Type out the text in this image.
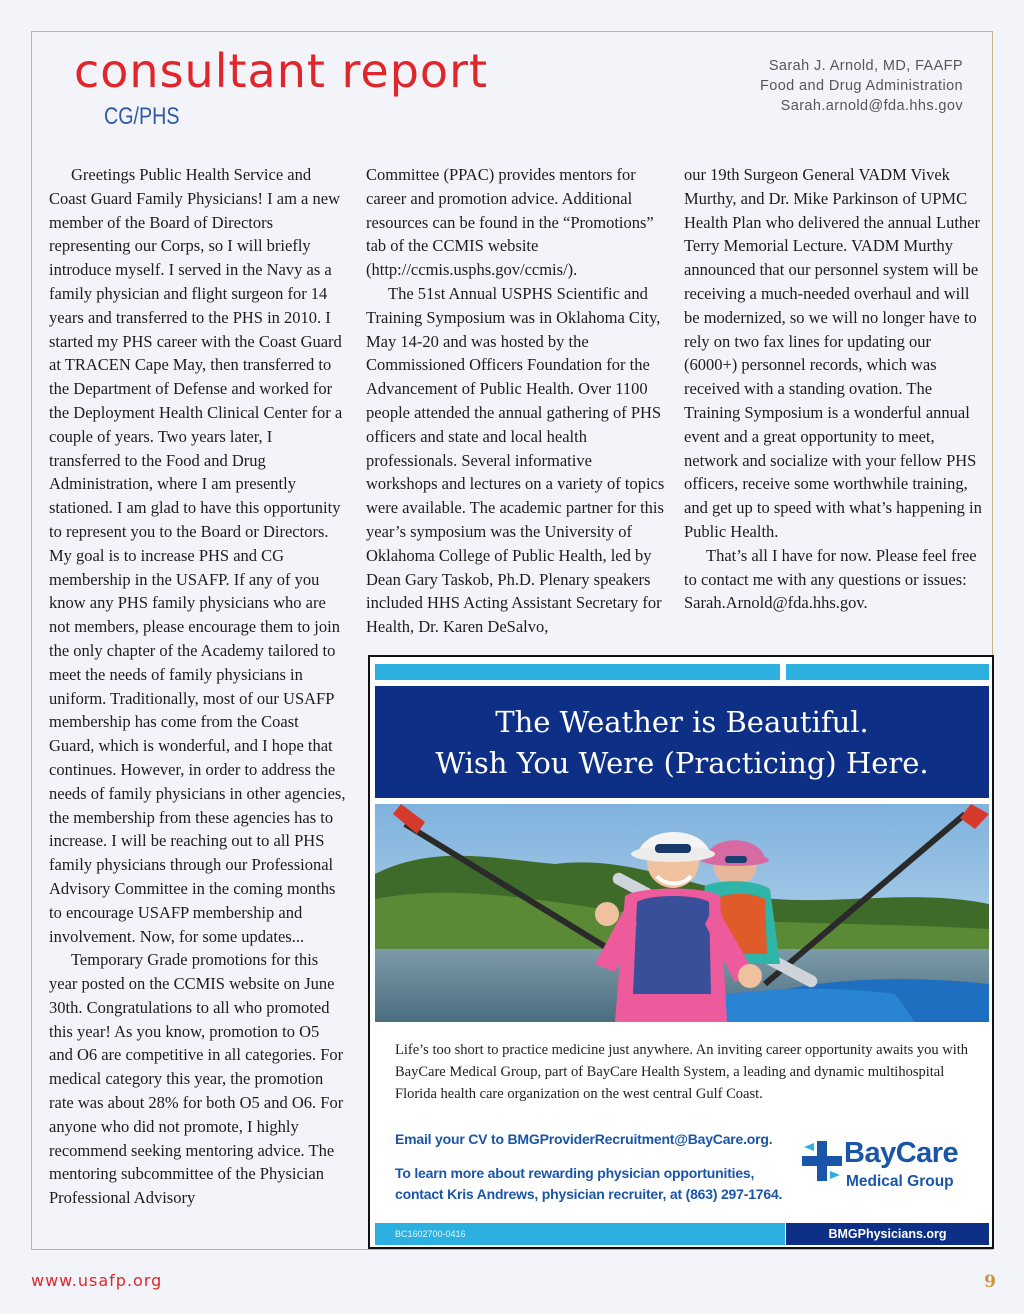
consultant report
CG/PHS
Sarah J. Arnold, MD, FAAFP
Food and Drug Administration
Sarah.arnold@fda.hhs.gov

Greetings Public Health Service and Coast Guard Family Physicians! I am a new member of the Board of Directors representing our Corps, so I will briefly introduce myself. I served in the Navy as a family physician and flight surgeon for 14 years and transferred to the PHS in 2010. I started my PHS career with the Coast Guard at TRACEN Cape May, then transferred to the Department of Defense and worked for the Deployment Health Clinical Center for a couple of years. Two years later, I transferred to the Food and Drug Administration, where I am presently stationed. I am glad to have this opportunity to represent you to the Board or Directors. My goal is to increase PHS and CG membership in the USAFP. If any of you know any PHS family physicians who are not members, please encourage them to join the only chapter of the Academy tailored to meet the needs of family physicians in uniform. Traditionally, most of our USAFP membership has come from the Coast Guard, which is wonderful, and I hope that continues. However, in order to address the needs of family physicians in other agencies, the membership from these agencies has to increase. I will be reaching out to all PHS family physicians through our Professional Advisory Committee in the coming months to encourage USAFP membership and involvement. Now, for some updates...

Temporary Grade promotions for this year posted on the CCMIS website on June 30th. Congratulations to all who promoted this year! As you know, promotion to O5 and O6 are competitive in all categories. For medical category this year, the promotion rate was about 28% for both O5 and O6. For anyone who did not promote, I highly recommend seeking mentoring advice. The mentoring subcommittee of the Physician Professional Advisory

Committee (PPAC) provides mentors for career and promotion advice. Additional resources can be found in the “Promotions” tab of the CCMIS website (http://ccmis.usphs.gov/ccmis/).

The 51st Annual USPHS Scientific and Training Symposium was in Oklahoma City, May 14-20 and was hosted by the Commissioned Officers Foundation for the Advancement of Public Health. Over 1100 people attended the annual gathering of PHS officers and state and local health professionals. Several informative workshops and lectures on a variety of topics were available. The academic partner for this year’s symposium was the University of Oklahoma College of Public Health, led by Dean Gary Taskob, Ph.D. Plenary speakers included HHS Acting Assistant Secretary for Health, Dr. Karen DeSalvo,

our 19th Surgeon General VADM Vivek Murthy, and Dr. Mike Parkinson of UPMC Health Plan who delivered the annual Luther Terry Memorial Lecture. VADM Murthy announced that our personnel system will be receiving a much-needed overhaul and will be modernized, so we will no longer have to rely on two fax lines for updating our (6000+) personnel records, which was received with a standing ovation. The Training Symposium is a wonderful annual event and a great opportunity to meet, network and socialize with your fellow PHS officers, receive some worthwhile training, and get up to speed with what’s happening in Public Health.

That’s all I have for now. Please feel free to contact me with any questions or issues: Sarah.Arnold@fda.hhs.gov.

The Weather is Beautiful.
Wish You Were (Practicing) Here.
Life’s too short to practice medicine just anywhere. An inviting career opportunity awaits you with BayCare Medical Group, part of BayCare Health System, a leading and dynamic multihospital Florida health care organization on the west central Gulf Coast.
Email your CV to BMGProviderRecruitment@BayCare.org.
To learn more about rewarding physician opportunities,
contact Kris Andrews, physician recruiter, at (863) 297-1764.
BayCare
Medical Group
BC1602700-0416	BMGPhysicians.org
www.usafp.org	9
